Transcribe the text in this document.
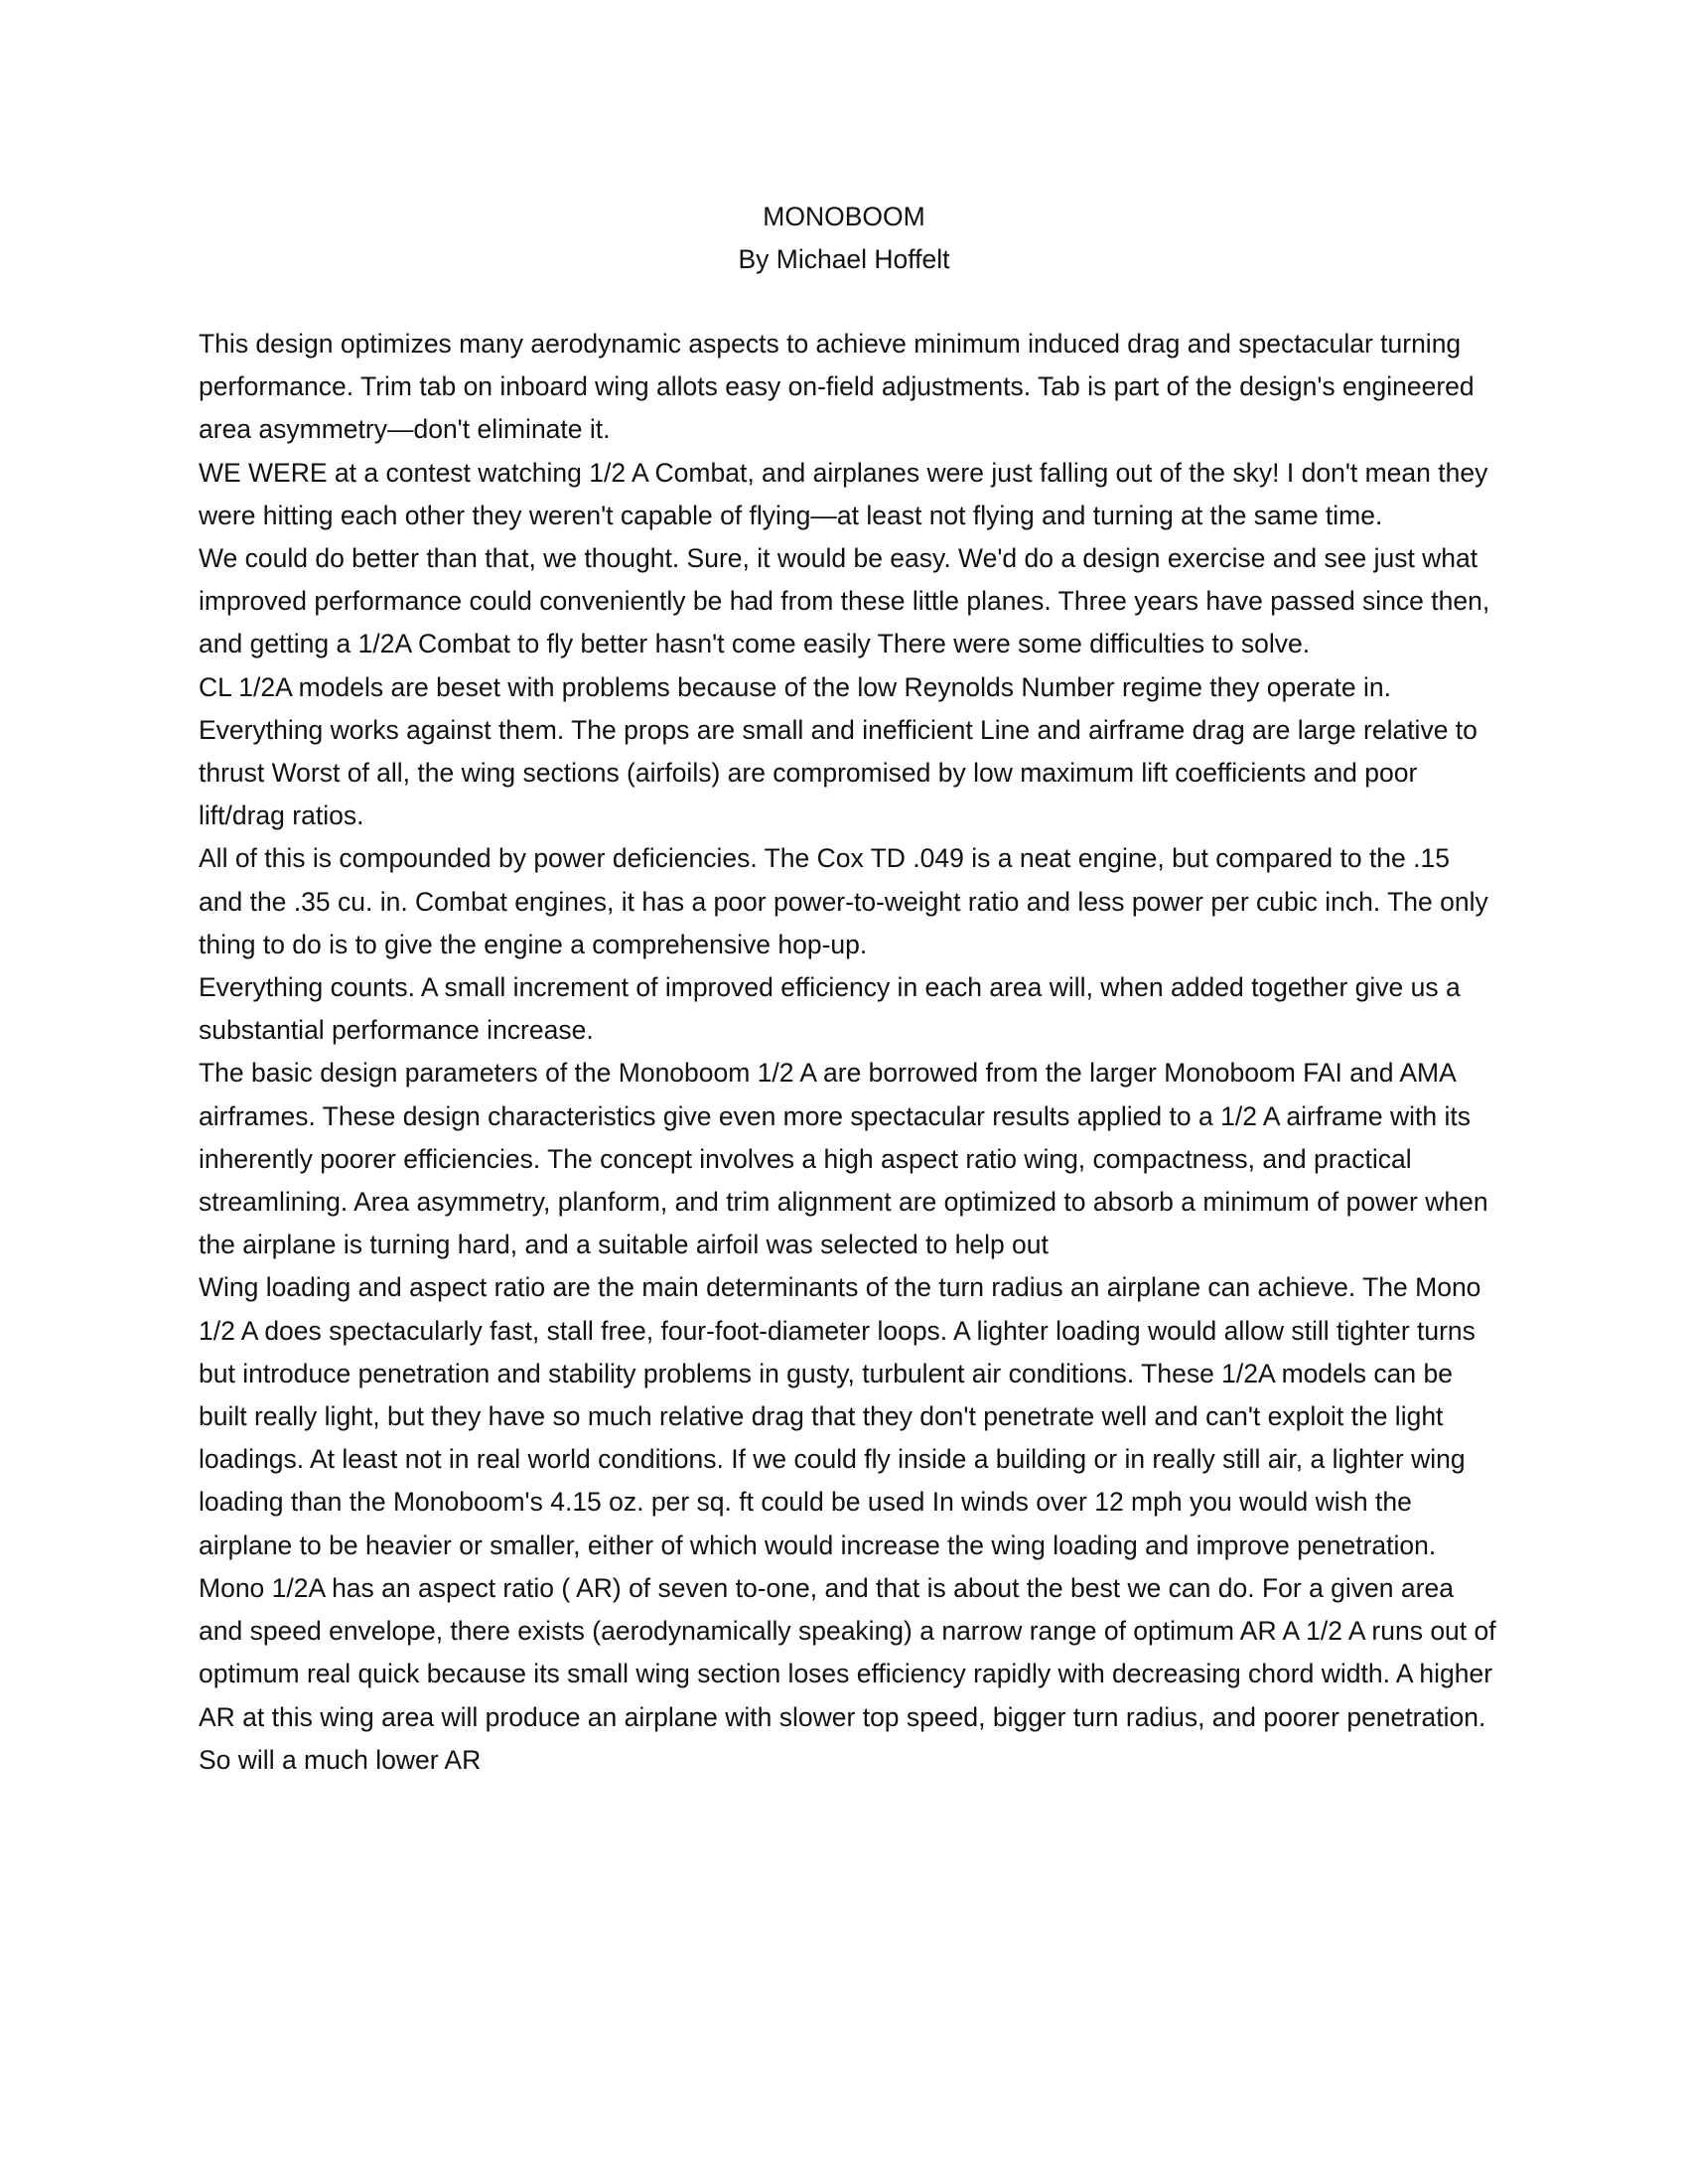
MONOBOOM
By Michael Hoffelt

This design optimizes many aerodynamic aspects to achieve minimum induced drag and spectacular turning performance. Trim tab on inboard wing allots easy on-field adjustments. Tab is part of the design's engineered area asymmetry—don't eliminate it.

WE WERE at a contest watching 1/2 A Combat, and airplanes were just falling out of the sky! I don't mean they were hitting each other they weren't capable of flying—at least not flying and turning at the same time.

We could do better than that, we thought. Sure, it would be easy. We'd do a design exercise and see just what improved performance could conveniently be had from these little planes. Three years have passed since then, and getting a 1/2A Combat to fly better hasn't come easily There were some difficulties to solve.

CL 1/2A models are beset with problems because of the low Reynolds Number regime they operate in. Everything works against them. The props are small and inefficient Line and airframe drag are large relative to thrust Worst of all, the wing sections (airfoils) are compromised by low maximum lift coefficients and poor lift/drag ratios.

All of this is compounded by power deficiencies. The Cox TD .049 is a neat engine, but compared to the .15 and the .35 cu. in. Combat engines, it has a poor power-to-weight ratio and less power per cubic inch. The only thing to do is to give the engine a comprehensive hop-up.

Everything counts. A small increment of improved efficiency in each area will, when added together give us a substantial performance increase.

The basic design parameters of the Monoboom 1/2 A are borrowed from the larger Monoboom FAI and AMA airframes. These design characteristics give even more spectacular results applied to a 1/2 A airframe with its inherently poorer efficiencies. The concept involves a high aspect ratio wing, compactness, and practical streamlining. Area asymmetry, planform, and trim alignment are optimized to absorb a minimum of power when the airplane is turning hard, and a suitable airfoil was selected to help out

Wing loading and aspect ratio are the main determinants of the turn radius an airplane can achieve. The Mono 1/2 A does spectacularly fast, stall free, four-foot-diameter loops. A lighter loading would allow still tighter turns but introduce penetration and stability problems in gusty, turbulent air conditions. These 1/2A models can be built really light, but they have so much relative drag that they don't penetrate well and can't exploit the light loadings. At least not in real world conditions. If we could fly inside a building or in really still air, a lighter wing loading than the Monoboom's 4.15 oz. per sq. ft could be used In winds over 12 mph you would wish the airplane to be heavier or smaller, either of which would increase the wing loading and improve penetration.

Mono 1/2A has an aspect ratio ( AR) of seven to-one, and that is about the best we can do. For a given area and speed envelope, there exists (aerodynamically speaking) a narrow range of optimum AR A 1/2 A runs out of optimum real quick because its small wing section loses efficiency rapidly with decreasing chord width. A higher AR at this wing area will produce an airplane with slower top speed, bigger turn radius, and poorer penetration. So will a much lower AR
